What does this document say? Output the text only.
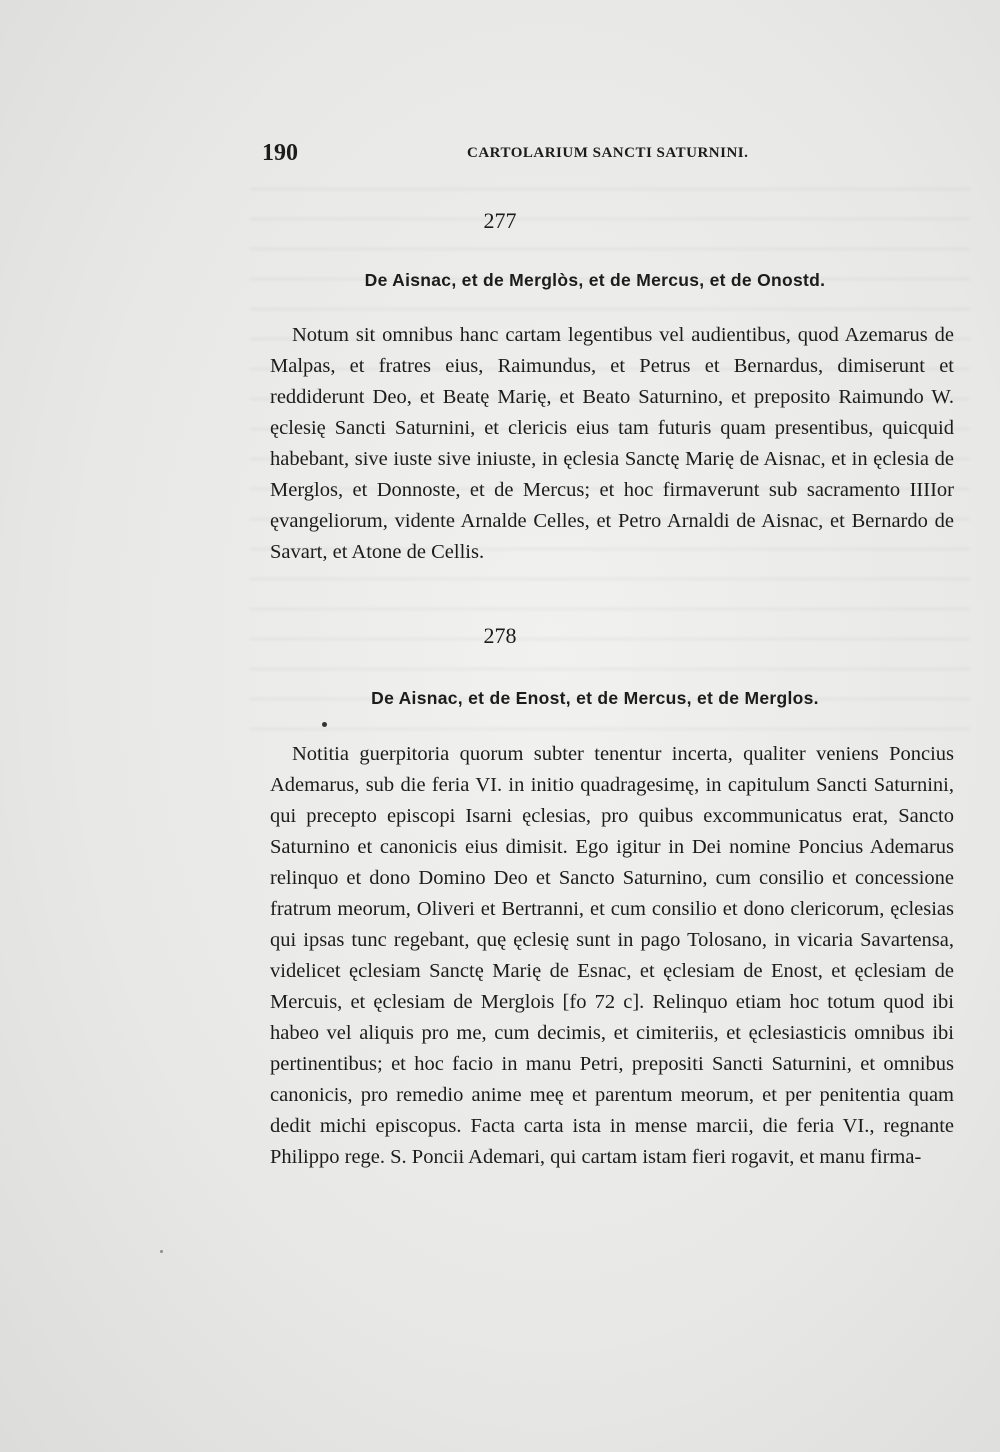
190	CARTOLARIUM SANCTI SATURNINI.
277
De Aisnac, et de Merglòs, et de Mercus, et de Onostd.

Notum sit omnibus hanc cartam legentibus vel audientibus, quod Azemarus de Malpas, et fratres eius, Raimundus, et Petrus et Bernardus, dimiserunt et reddiderunt Deo, et Beatę Marię, et Beato Saturnino, et preposito Raimundo W. ęclesię Sancti Saturnini, et clericis eius tam futuris quam presentibus, quicquid habebant, sive iuste sive iniuste, in ęclesia Sanctę Marię de Aisnac, et in ęclesia de Merglos, et Donnoste, et de Mercus; et hoc firmaverunt sub sacramento IIIIor ęvangeliorum, vidente Arnalde Celles, et Petro Arnaldi de Aisnac, et Bernardo de Savart, et Atone de Cellis.

278
De Aisnac, et de Enost, et de Mercus, et de Merglos.

Notitia guerpitoria quorum subter tenentur incerta, qualiter veniens Poncius Ademarus, sub die feria VI. in initio quadragesimę, in capitulum Sancti Saturnini, qui precepto episcopi Isarni ęclesias, pro quibus excommunicatus erat, Sancto Saturnino et canonicis eius dimisit. Ego igitur in Dei nomine Poncius Ademarus relinquo et dono Domino Deo et Sancto Saturnino, cum consilio et concessione fratrum meorum, Oliveri et Bertranni, et cum consilio et dono clericorum, ęclesias qui ipsas tunc regebant, quę ęclesię sunt in pago Tolosano, in vicaria Savartensa, videlicet ęclesiam Sanctę Marię de Esnac, et ęclesiam de Enost, et ęclesiam de Mercuis, et ęclesiam de Merglois [fo 72 c]. Relinquo etiam hoc totum quod ibi habeo vel aliquis pro me, cum decimis, et cimiteriis, et ęclesiasticis omnibus ibi pertinentibus; et hoc facio in manu Petri, prepositi Sancti Saturnini, et omnibus canonicis, pro remedio anime meę et parentum meorum, et per penitentia quam dedit michi episcopus. Facta carta ista in mense marcii, die feria VI., regnante Philippo rege. S. Poncii Ademari, qui cartam istam fieri rogavit, et manu firma-
